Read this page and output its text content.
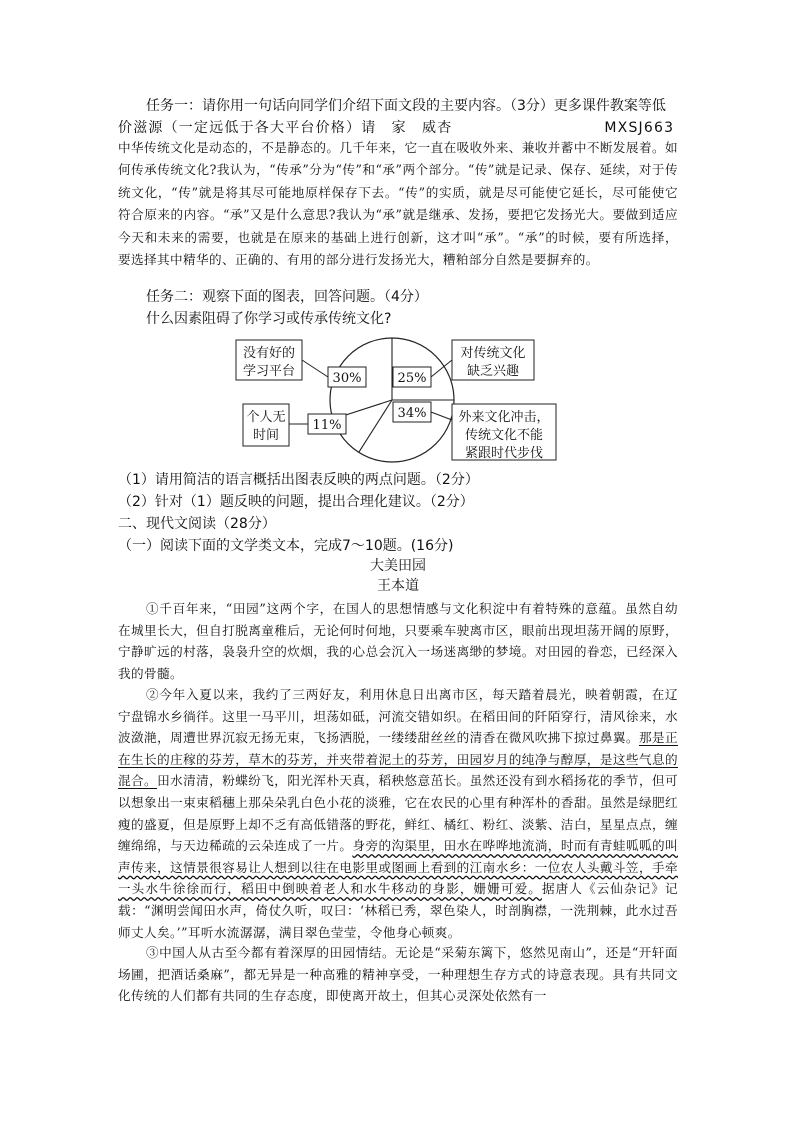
任务一：请你用一句话向同学们介绍下面文段的主要内容。（3分）更多课件教案等低
价滋源（一定远低于各大平台价格）请　家　威杏　　　　　　　　　　MXSJ663

中华传统文化是动态的，不是静态的。几千年来，它一直在吸收外来、兼收并蓄中不断发展着。如何传承传统文化?我认为，“传承”分为“传”和“承”两个部分。“传”就是记录、保存、延续，对于传统文化，“传”就是将其尽可能地原样保存下去。“传”的实质，就是尽可能使它延长，尽可能使它符合原来的内容。“承”又是什么意思?我认为“承”就是继承、发扬，要把它发扬光大。要做到适应今天和未来的需要，也就是在原来的基础上进行创新，这才叫“承”。“承”的时候，要有所选择，要选择其中精华的、正确的、有用的部分进行发扬光大，糟粕部分自然是要摒弃的。

任务二：观察下面的图表，回答问题。（4分）
什么因素阻碍了你学习或传承传统文化?
30%
没有好的
学习平台	25%
对传统文化
缺乏兴趣
34% 外来文化冲击，
传统文化不能
紧跟时代步伐
11%
个人无
时间
（1）请用简洁的语言概括出图表反映的两点问题。（2分）
（2）针对（1）题反映的问题，提出合理化建议。（2分）
二、现代文阅读（28分）
（一）阅读下面的文学类文本，完成7～10题。(16分)
大美田园
王本道

①千百年来，“田园”这两个字，在国人的思想情感与文化积淀中有着特殊的意蕴。虽然自幼在城里长大，但自打脱离童稚后，无论何时何地，只要乘车驶离市区，眼前出现坦荡开阔的原野，宁静旷远的村落，袅袅升空的炊烟，我的心总会沉入一场迷离缈的梦境。对田园的眷恋，已经深入我的骨髓。

②今年入夏以来，我约了三两好友，利用休息日出离市区，每天踏着晨光，映着朝霞，在辽宁盘锦水乡徜徉。这里一马平川，坦荡如砥，河流交错如织。在稻田间的阡陌穿行，清风徐来，水波潋滟，周遭世界沉寂无扬无束，飞扬洒脱，一缕缕甜丝丝的清香在微风吹拂下掠过鼻翼。那是正在生长的庄稼的芬芳，草木的芬芳，并夹带着泥土的芬芳，田园岁月的纯净与醇厚，是这些气息的混合。田水清清，粉蝶纷飞，阳光浑朴天真，稻秧悠意茁长。虽然还没有到水稻扬花的季节，但可以想象出一束束稻穗上那朵朵乳白色小花的淡雅，它在农民的心里有种浑朴的香甜。虽然是绿肥红瘦的盛夏，但是原野上却不乏有高低错落的野花，鲜红、橘红、粉红、淡紫、洁白，星星点点，缠缠绵绵，与天边稀疏的云朵连成了一片。身旁的沟渠里，田水在哗哗地流淌，时而有青蛙呱呱的叫声传来，这情景很容易让人想到以往在电影里或图画上看到的江南水乡：一位农人头戴斗笠，手牵一头水牛徐徐而行，稻田中倒映着老人和水牛移动的身影，姗姗可爱。据唐人《云仙杂记》记载：“渊明尝闻田水声，倚仗久听，叹曰：‘林稻已秀，翠色染人，时剖胸襟，一洗荆棘，此水过吾师丈人矣。’”耳听水流潺潺，满目翠色莹莹，令他身心顿爽。

③中国人从古至今都有着深厚的田园情结。无论是“采菊东篱下，悠然见南山”，还是“开轩面场圃，把酒话桑麻”，都无异是一种高雅的精神享受，一种理想生存方式的诗意表现。具有共同文化传统的人们都有共同的生存态度，即使离开故土，但其心灵深处依然有一
